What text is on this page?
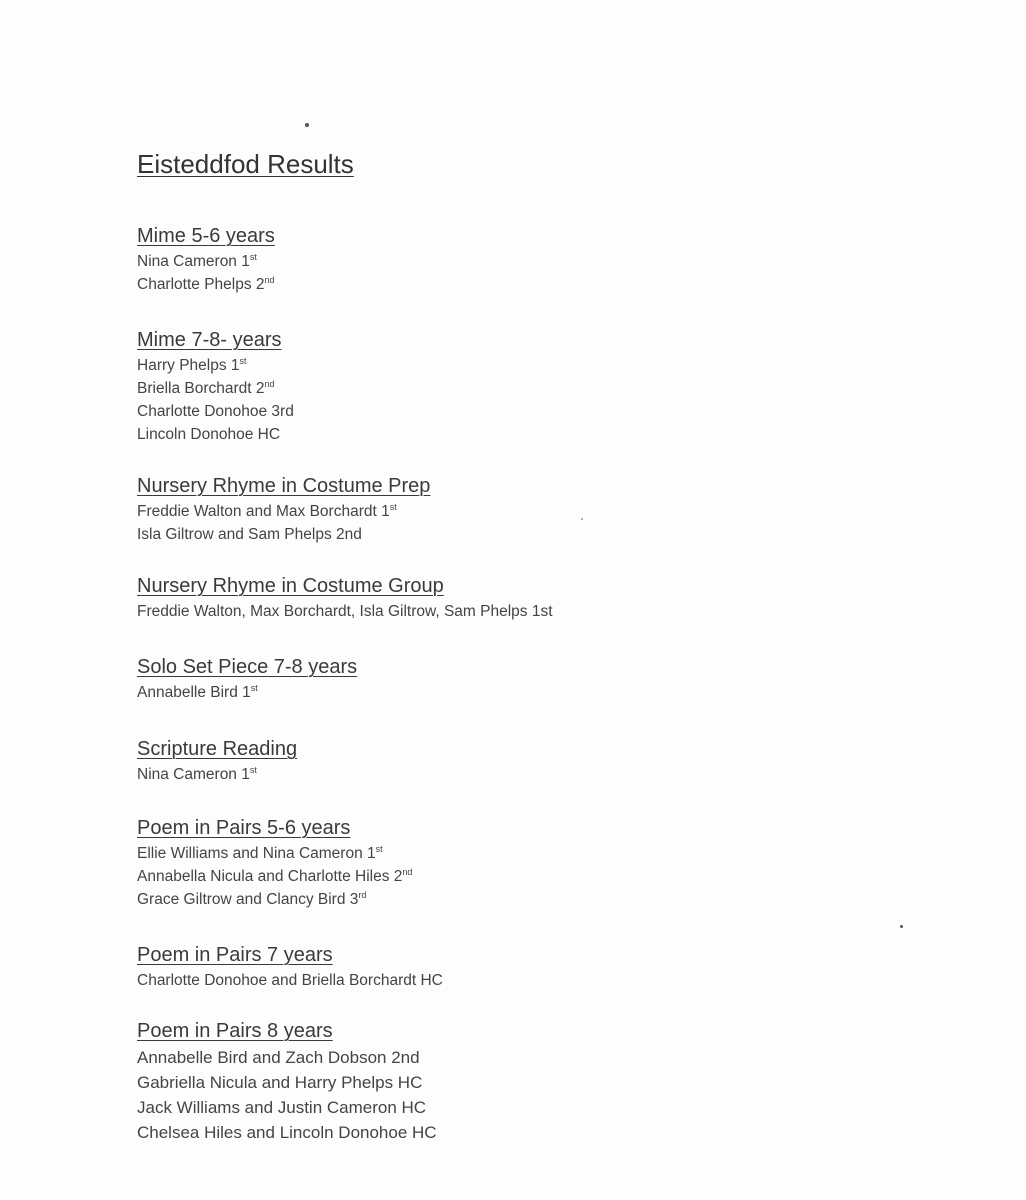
Eisteddfod Results
Mime 5-6 years
Nina Cameron 1st
Charlotte Phelps 2nd
Mime 7-8- years
Harry Phelps 1st
Briella Borchardt 2nd
Charlotte Donohoe 3rd
Lincoln Donohoe HC
Nursery Rhyme in Costume Prep
Freddie Walton and Max Borchardt 1st
Isla Giltrow and Sam Phelps 2nd
Nursery Rhyme in Costume Group
Freddie Walton, Max Borchardt, Isla Giltrow, Sam Phelps 1st
Solo Set Piece 7-8 years
Annabelle Bird 1st
Scripture Reading
Nina Cameron 1st
Poem in Pairs 5-6 years
Ellie Williams and Nina Cameron 1st
Annabella Nicula and Charlotte Hiles 2nd
Grace Giltrow and Clancy Bird 3rd
Poem in Pairs 7 years
Charlotte Donohoe and Briella Borchardt HC
Poem in Pairs 8 years
Annabelle Bird and Zach Dobson 2nd
Gabriella Nicula and Harry Phelps HC
Jack Williams and Justin Cameron HC
Chelsea Hiles and Lincoln Donohoe HC
